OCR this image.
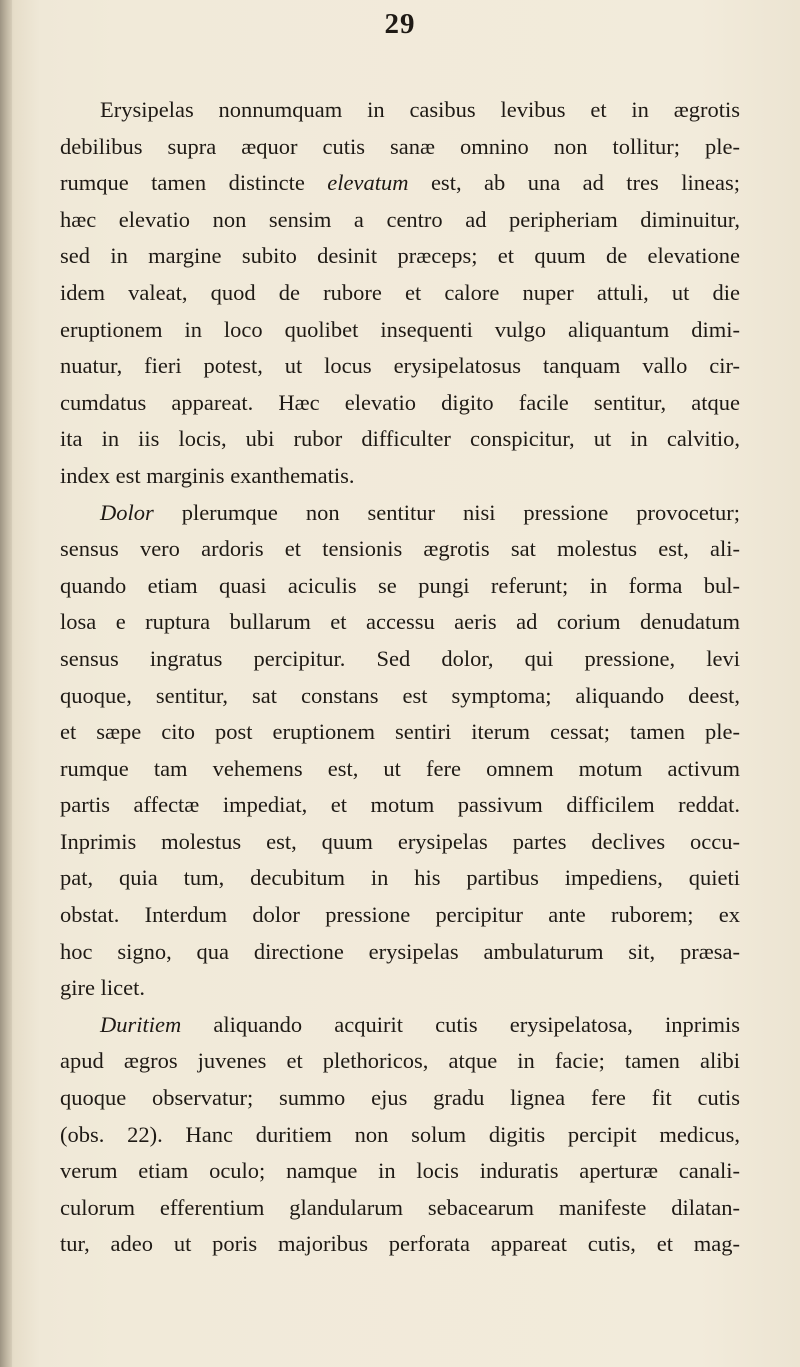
29
Erysipelas nonnumquam in casibus levibus et in ægrotis
debilibus supra æquor cutis sanæ omnino non tollitur; ple-
rumque tamen distincte elevatum est, ab una ad tres lineas;
hæc elevatio non sensim a centro ad peripheriam diminuitur,
sed in margine subito desinit præceps; et quum de elevatione
idem valeat, quod de rubore et calore nuper attuli, ut die
eruptionem in loco quolibet insequenti vulgo aliquantum dimi-
nuatur, fieri potest, ut locus erysipelatosus tanquam vallo cir-
cumdatus appareat. Hæc elevatio digito facile sentitur, atque
ita in iis locis, ubi rubor difficulter conspicitur, ut in calvitio,
index est marginis exanthematis.
Dolor plerumque non sentitur nisi pressione provocetur;
sensus vero ardoris et tensionis ægrotis sat molestus est, ali-
quando etiam quasi aciculis se pungi referunt; in forma bul-
losa e ruptura bullarum et accessu aeris ad corium denudatum
sensus ingratus percipitur. Sed dolor, qui pressione, levi
quoque, sentitur, sat constans est symptoma; aliquando deest,
et sæpe cito post eruptionem sentiri iterum cessat; tamen ple-
rumque tam vehemens est, ut fere omnem motum activum
partis affectæ impediat, et motum passivum difficilem reddat.
Inprimis molestus est, quum erysipelas partes declives occu-
pat, quia tum, decubitum in his partibus impediens, quieti
obstat. Interdum dolor pressione percipitur ante ruborem; ex
hoc signo, qua directione erysipelas ambulaturum sit, præsa-
gire licet.
Duritiem aliquando acquirit cutis erysipelatosa, inprimis
apud ægros juvenes et plethoricos, atque in facie; tamen alibi
quoque observatur; summo ejus gradu lignea fere fit cutis
(obs. 22). Hanc duritiem non solum digitis percipit medicus,
verum etiam oculo; namque in locis induratis aperturæ canali-
culorum efferentium glandularum sebacearum manifeste dilatan-
tur, adeo ut poris majoribus perforata appareat cutis, et mag-
